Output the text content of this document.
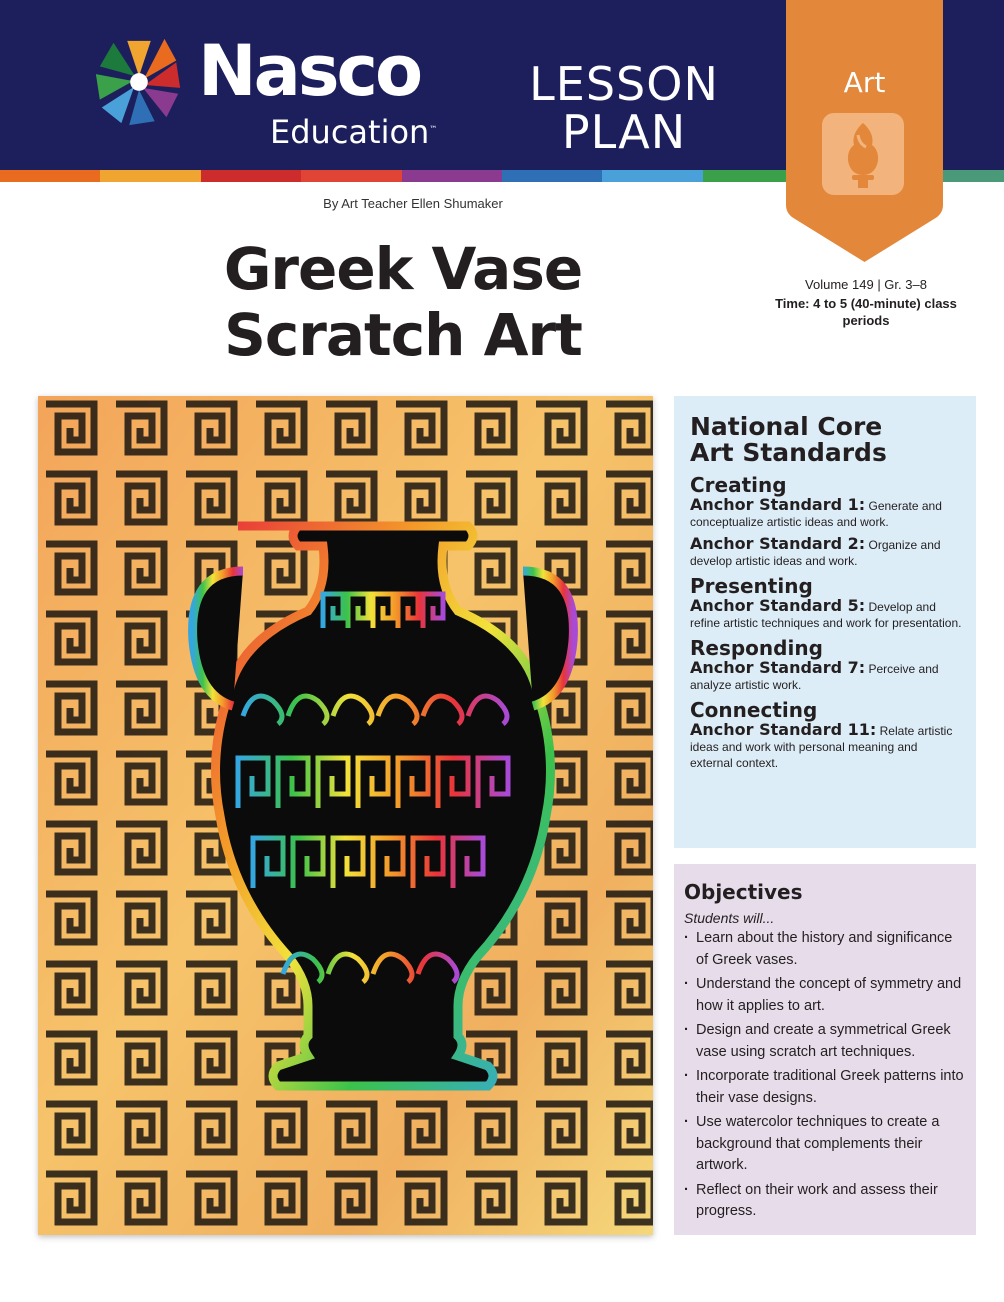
Nasco
Education™
LESSON
PLAN
Art
By Art Teacher Ellen Shumaker
Greek Vase
Scratch Art
Volume 149 | Gr. 3–8
Time: 4 to 5 (40-minute) class periods
National Core
Art Standards
Creating
Anchor Standard 1: Generate and conceptualize artistic ideas and work.
Anchor Standard 2: Organize and develop artistic ideas and work.
Presenting
Anchor Standard 5: Develop and refine artistic techniques and work for presentation.
Responding
Anchor Standard 7: Perceive and analyze artistic work.
Connecting
Anchor Standard 11: Relate artistic ideas and work with personal meaning and external context.
Objectives
Students will...
· Learn about the history and significance of Greek vases.
· Understand the concept of symmetry and how it applies to art.
· Design and create a symmetrical Greek vase using scratch art techniques.
· Incorporate traditional Greek patterns into their vase designs.
· Use watercolor techniques to create a background that complements their artwork.
· Reflect on their work and assess their progress.
